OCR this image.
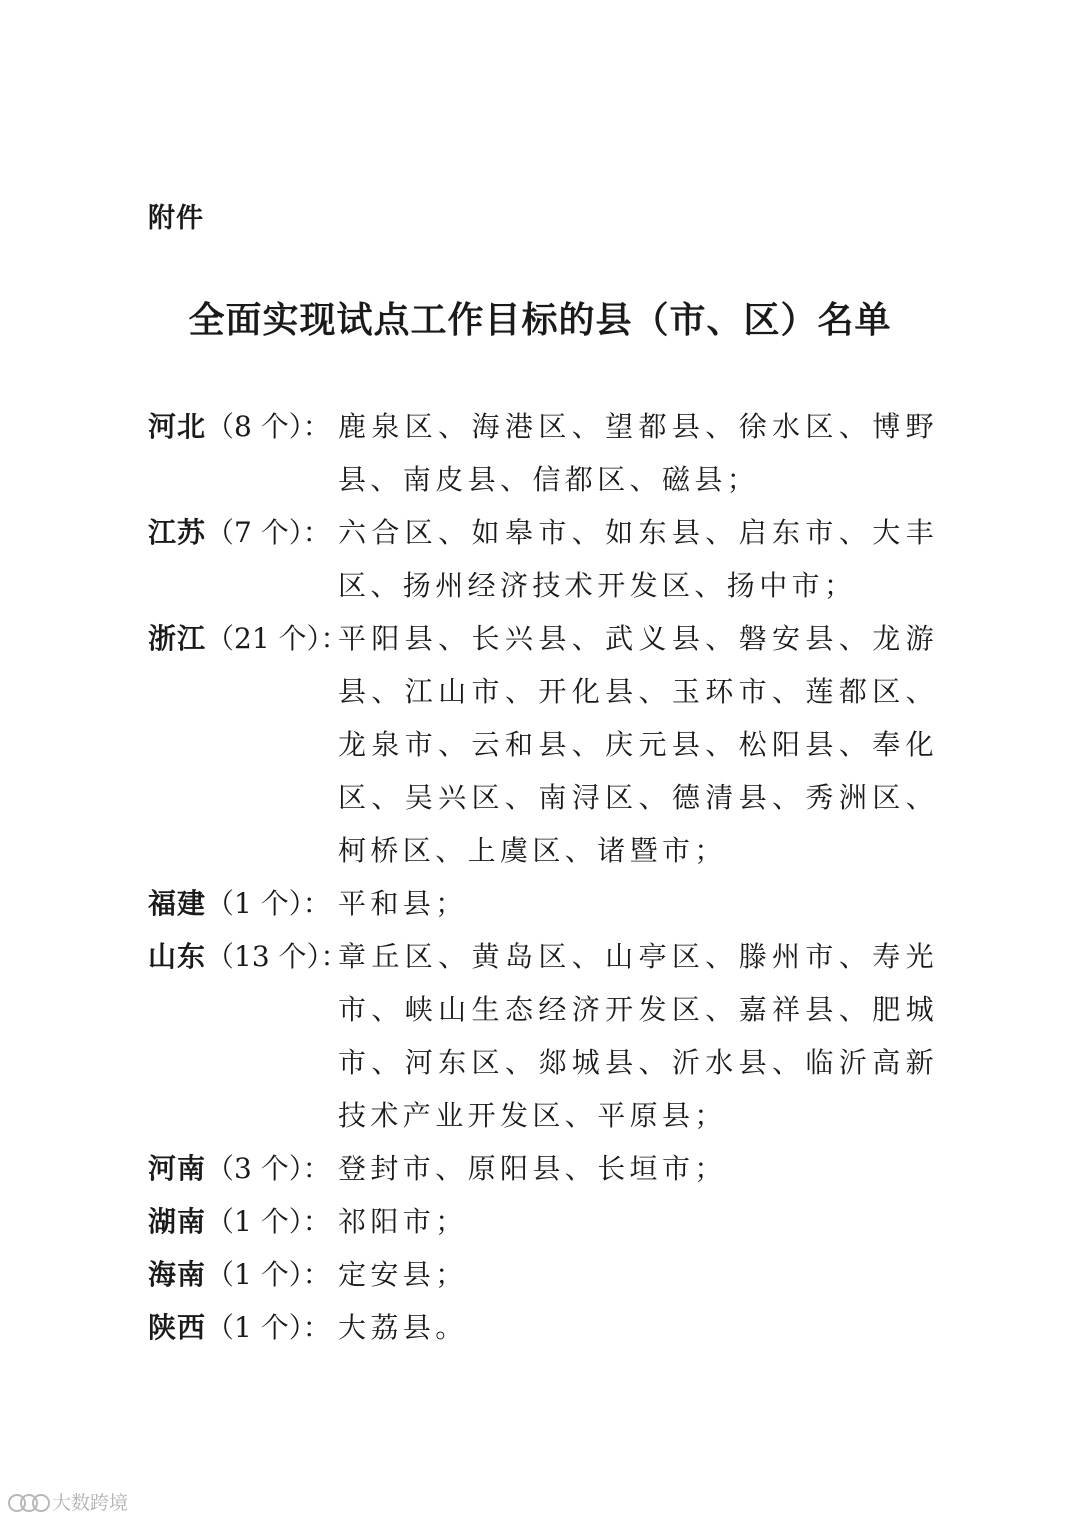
附件
全面实现试点工作目标的县（市、区）名单
河北（8 个）： 鹿泉区、海港区、望都县、徐水区、博野县、南皮县、信都区、磁县；
江苏（7 个）： 六合区、如皋市、如东县、启东市、大丰区、扬州经济技术开发区、扬中市；
浙江（21 个）：
平阳县、长兴县、武义县、磐安县、龙游县、江山市、开化县、玉环市、莲都区、龙泉市、云和县、庆元县、松阳县、奉化区、吴兴区、南浔区、德清县、秀洲区、柯桥区、上虞区、诸暨市；
福建（1 个）： 平和县；
山东（13 个）：
章丘区、黄岛区、山亭区、滕州市、寿光市、峡山生态经济开发区、嘉祥县、肥城市、河东区、郯城县、沂水县、临沂高新技术产业开发区、平原县；
河南（3 个）： 登封市、原阳县、长垣市；
湖南（1 个）： 祁阳市；
海南（1 个）： 定安县；
陕西（1 个）： 大荔县。
大数跨境
